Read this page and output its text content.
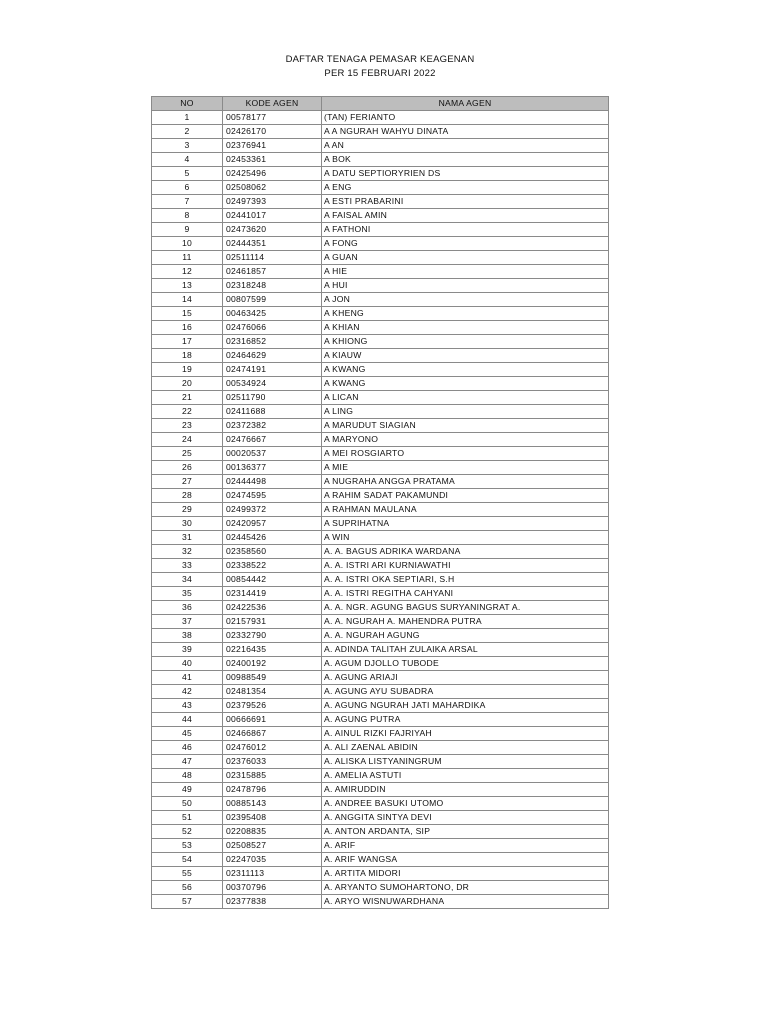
DAFTAR TENAGA PEMASAR KEAGENAN
PER 15 FEBRUARI 2022
NO	KODE AGEN	NAMA AGEN
1	00578177	(TAN) FERIANTO
2	02426170	A A NGURAH WAHYU DINATA
3	02376941	A AN
4	02453361	A BOK
5	02425496	A DATU SEPTIORYRIEN DS
6	02508062	A ENG
7	02497393	A ESTI PRABARINI
8	02441017	A FAISAL AMIN
9	02473620	A FATHONI
10	02444351	A FONG
11	02511114	A GUAN
12	02461857	A HIE
13	02318248	A HUI
14	00807599	A JON
15	00463425	A KHENG
16	02476066	A KHIAN
17	02316852	A KHIONG
18	02464629	A KIAUW
19	02474191	A KWANG
20	00534924	A KWANG
21	02511790	A LICAN
22	02411688	A LING
23	02372382	A MARUDUT SIAGIAN
24	02476667	A MARYONO
25	00020537	A MEI ROSGIARTO
26	00136377	A MIE
27	02444498	A NUGRAHA ANGGA PRATAMA
28	02474595	A RAHIM SADAT PAKAMUNDI
29	02499372	A RAHMAN MAULANA
30	02420957	A SUPRIHATNA
31	02445426	A WIN
32	02358560	A. A. BAGUS ADRIKA WARDANA
33	02338522	A. A. ISTRI ARI KURNIAWATHI
34	00854442	A. A. ISTRI OKA SEPTIARI, S.H
35	02314419	A. A. ISTRI REGITHA CAHYANI
36	02422536	A. A. NGR. AGUNG BAGUS SURYANINGRAT A.
37	02157931	A. A. NGURAH A. MAHENDRA PUTRA
38	02332790	A. A. NGURAH AGUNG
39	02216435	A. ADINDA TALITAH ZULAIKA ARSAL
40	02400192	A. AGUM DJOLLO TUBODE
41	00988549	A. AGUNG ARIAJI
42	02481354	A. AGUNG AYU SUBADRA
43	02379526	A. AGUNG NGURAH JATI MAHARDIKA
44	00666691	A. AGUNG PUTRA
45	02466867	A. AINUL RIZKI FAJRIYAH
46	02476012	A. ALI ZAENAL ABIDIN
47	02376033	A. ALISKA LISTYANINGRUM
48	02315885	A. AMELIA ASTUTI
49	02478796	A. AMIRUDDIN
50	00885143	A. ANDREE BASUKI UTOMO
51	02395408	A. ANGGITA SINTYA DEVI
52	02208835	A. ANTON ARDANTA, SIP
53	02508527	A. ARIF
54	02247035	A. ARIF WANGSA
55	02311113	A. ARTITA MIDORI
56	00370796	A. ARYANTO SUMOHARTONO, DR
57	02377838	A. ARYO WISNUWARDHANA
